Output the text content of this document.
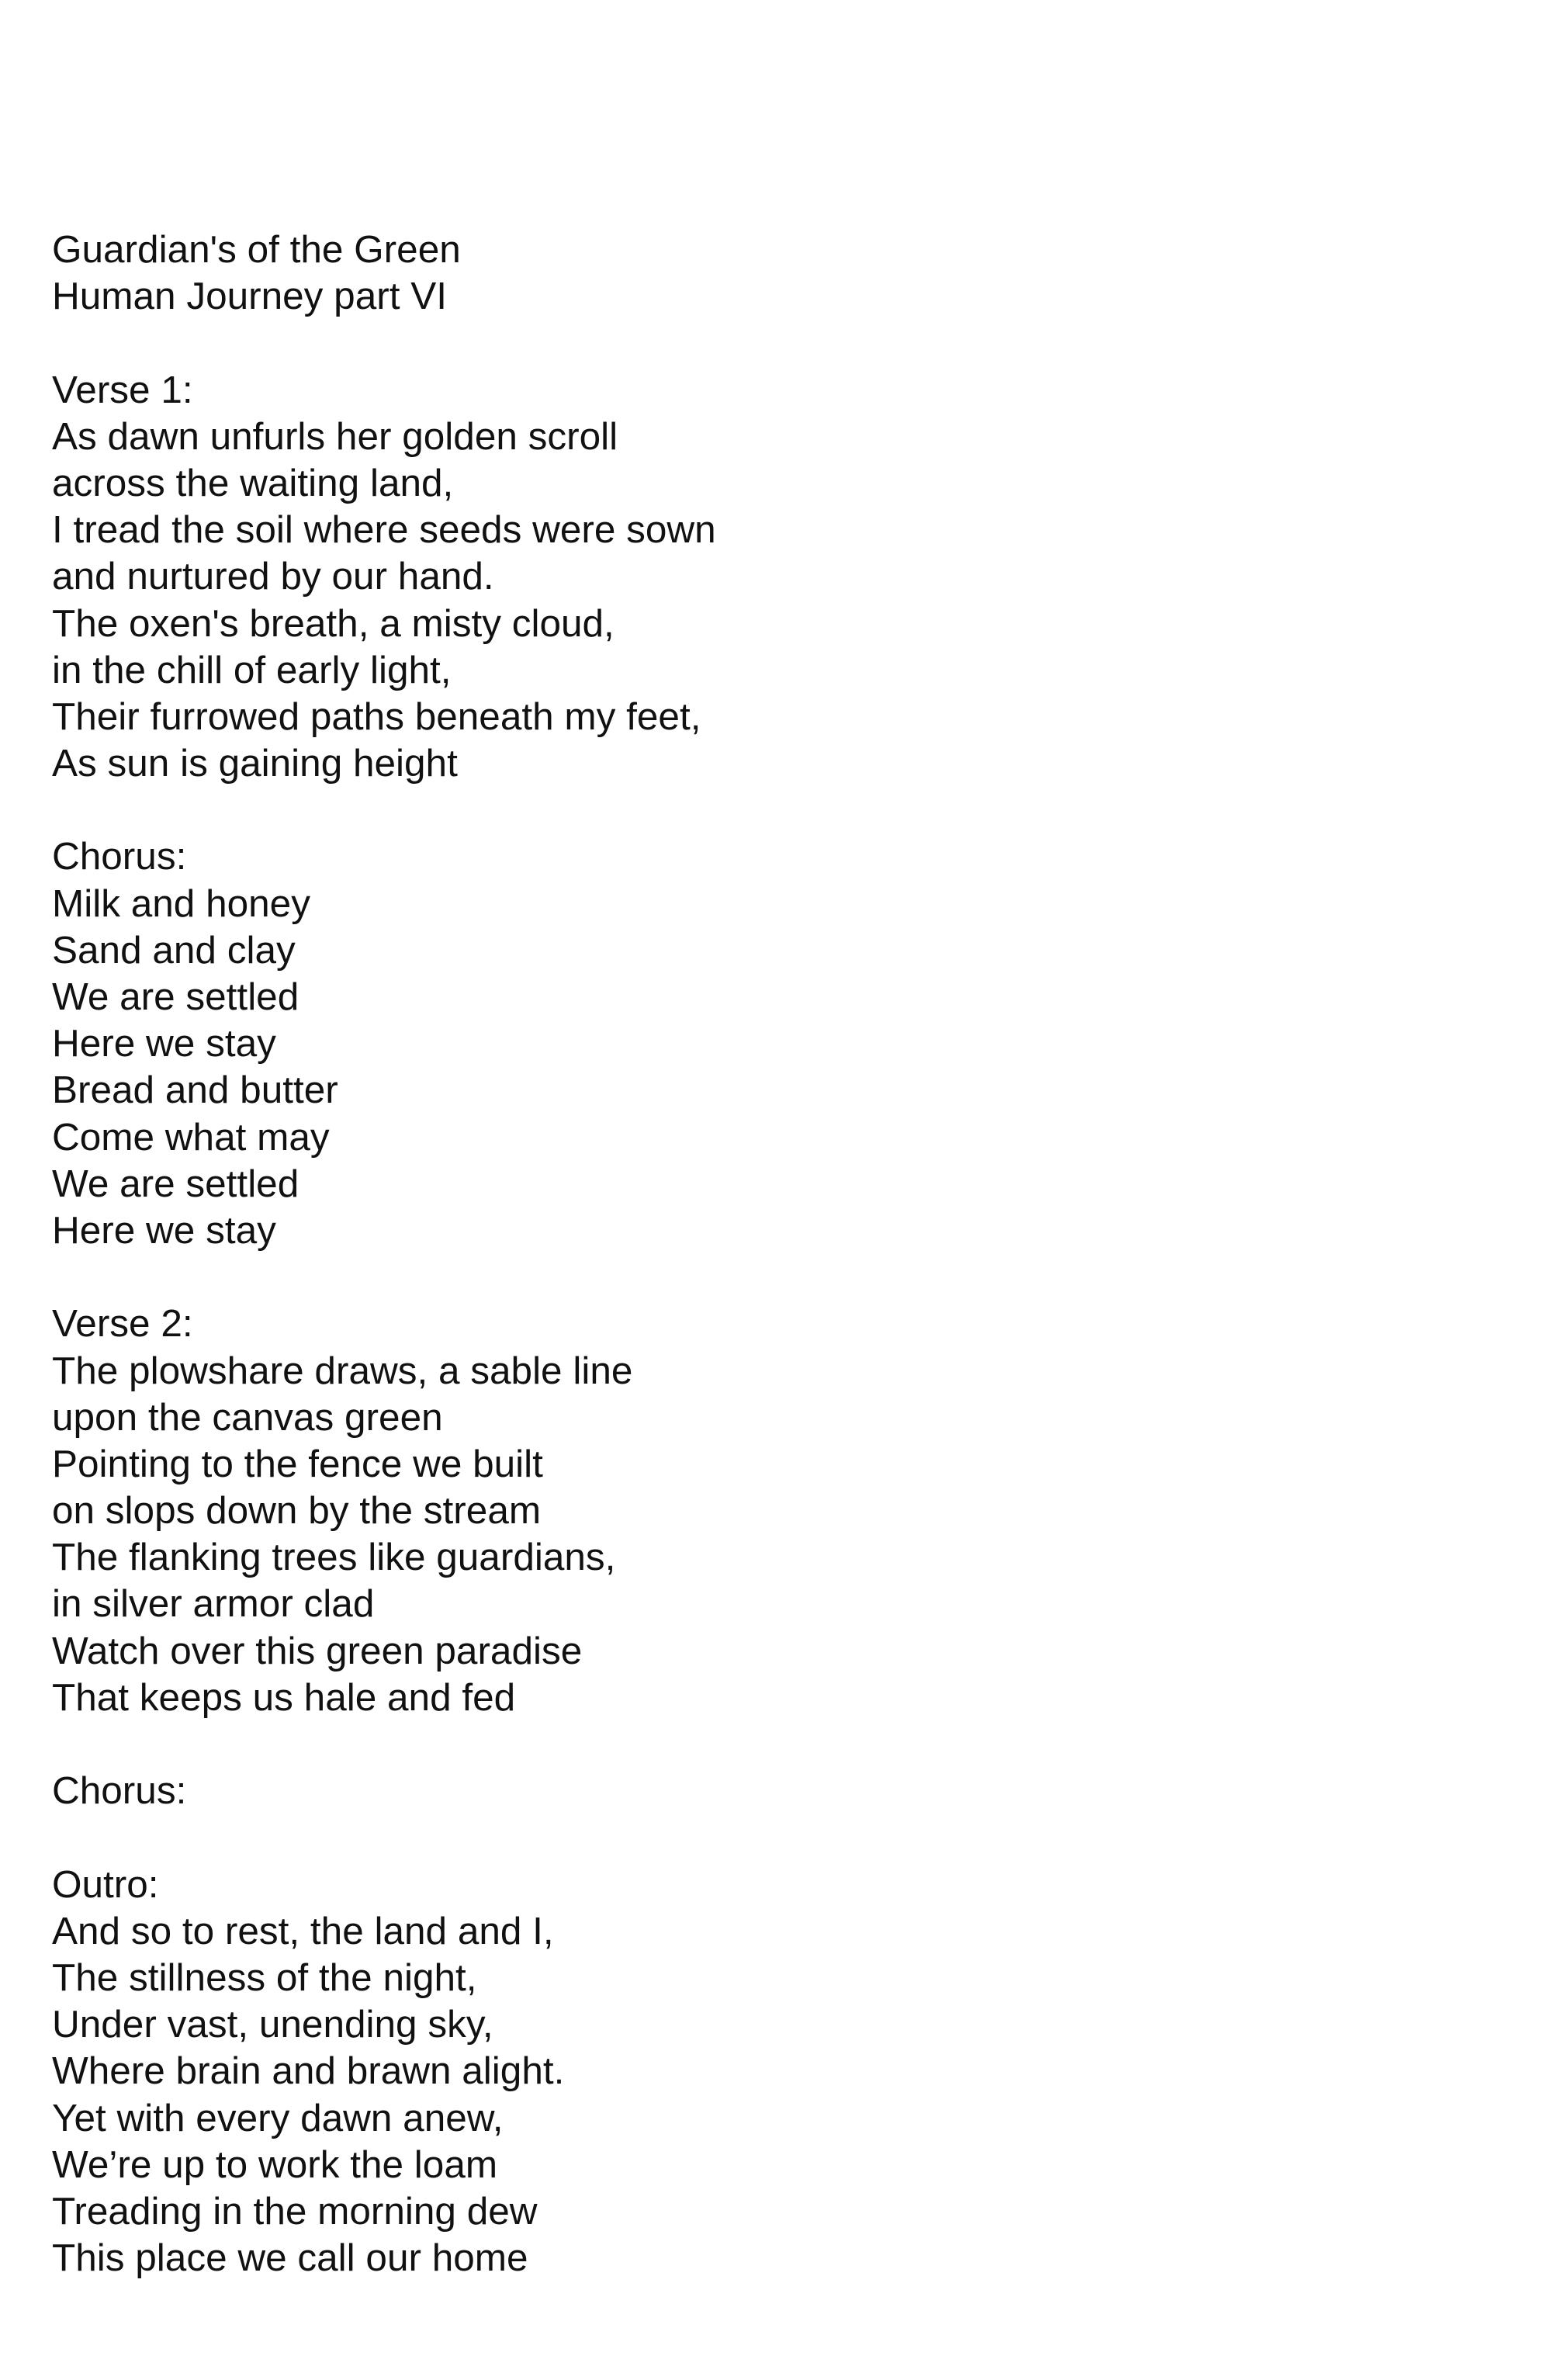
Guardian's of the Green
Human Journey part VI
Verse 1:
As dawn unfurls her golden scroll
across the waiting land,
I tread the soil where seeds were sown
and nurtured by our hand.
The oxen's breath, a misty cloud,
in the chill of early light,
Their furrowed paths beneath my feet,
As sun is gaining height
Chorus:
Milk and honey
Sand and clay
We are settled
Here we stay
Bread and butter
Come what may
We are settled
Here we stay
Verse 2:
The plowshare draws, a sable line
upon the canvas green
Pointing to the fence we built
on slops down by the stream
The flanking trees like guardians,
in silver armor clad
Watch over this green paradise
That keeps us hale and fed
Chorus:
Outro:
And so to rest, the land and I,
The stillness of the night,
Under vast, unending sky,
Where brain and brawn alight.
Yet with every dawn anew,
We’re up to work the loam
Treading in the morning dew
This place we call our home
